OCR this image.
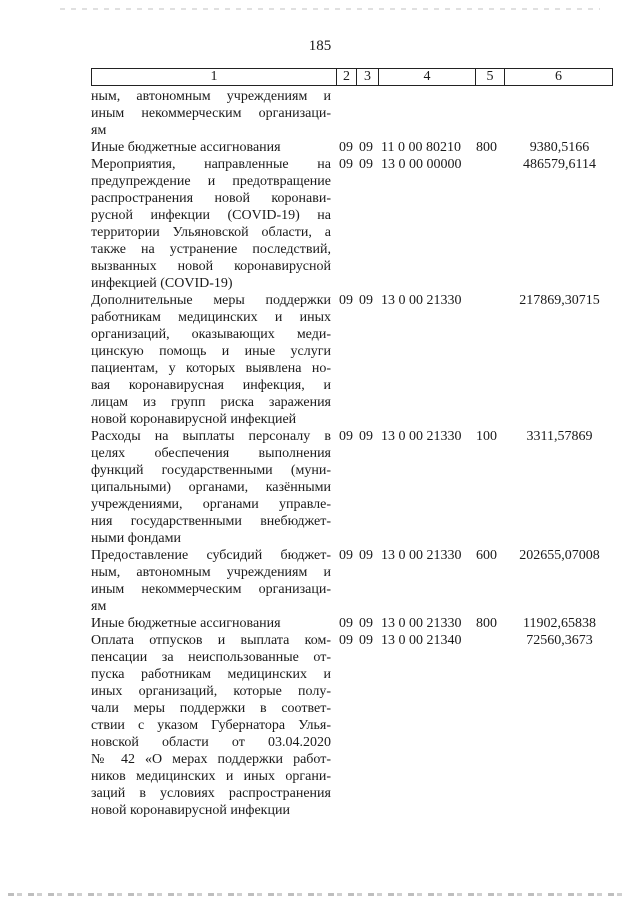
185
1	2	3	4	5	6
ным, автономным учреждениям и
иным некоммерческим организаци-
ям
Иные бюджетные ассигнования	09 09 11 0 00 80210	800	9380,5166
Мероприятия, направленные на
предупреждение и предотвращение
распространения новой коронави-
русной инфекции (COVID-19) на
территории Ульяновской области, а
также на устранение последствий,
вызванных новой коронавирусной
инфекцией (COVID-19)
09 09 13 0 00 00000	486579,6114
Дополнительные меры поддержки
работникам медицинских и иных
организаций, оказывающих меди-
цинскую помощь и иные услуги
пациентам, у которых выявлена но-
вая коронавирусная инфекция, и
лицам из групп риска заражения
новой коронавирусной инфекцией
09 09 13 0 00 21330	217869,30715
Расходы на выплаты персоналу в
целях обеспечения выполнения
функций государственными (муни-
ципальными) органами, казёнными
учреждениями, органами управле-
ния государственными внебюджет-
ными фондами
09 09 13 0 00 21330	100	3311,57869
Предоставление субсидий бюджет-
ным, автономным учреждениям и
иным некоммерческим организаци-
ям
09 09 13 0 00 21330	600	202655,07008
Иные бюджетные ассигнования	09 09 13 0 00 21330	800	11902,65838
Оплата отпусков и выплата ком-
пенсации за неиспользованные от-
пуска работникам медицинских и
иных организаций, которые полу-
чали меры поддержки в соответ-
ствии с указом Губернатора Улья-
новской области от 03.04.2020
№ 42 «О мерах поддержки работ-
ников медицинских и иных органи-
заций в условиях распространения
новой коронавирусной инфекции
09 09 13 0 00 21340	72560,3673
